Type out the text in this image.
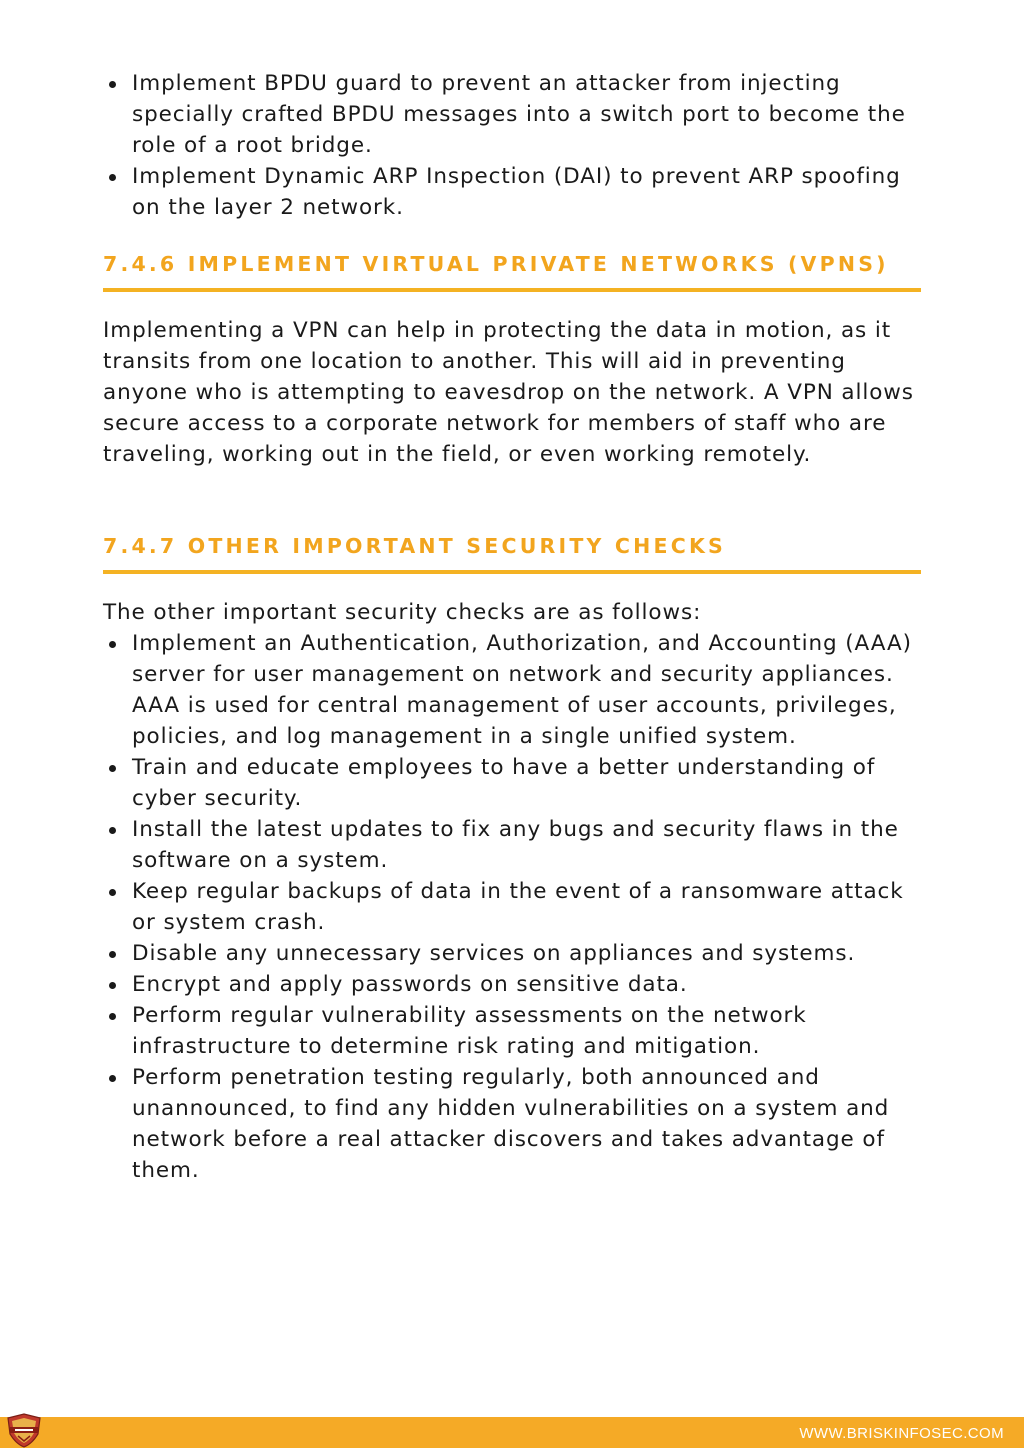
Implement BPDU guard to prevent an attacker from injecting specially crafted BPDU messages into a switch port to become the role of a root bridge.
Implement Dynamic ARP Inspection (DAI) to prevent ARP spoofing on the layer 2 network.
7.4.6 IMPLEMENT VIRTUAL PRIVATE NETWORKS (VPNS)

Implementing a VPN can help in protecting the data in motion, as it transits from one location to another. This will aid in preventing anyone who is attempting to eavesdrop on the network. A VPN allows secure access to a corporate network for members of staff who are traveling, working out in the field, or even working remotely.

7.4.7 OTHER IMPORTANT SECURITY CHECKS

The other important security checks are as follows:

Implement an Authentication, Authorization, and Accounting (AAA) server for user management on network and security appliances. AAA is used for central management of user accounts, privileges, policies, and log management in a single unified system.
Train and educate employees to have a better understanding of cyber security.
Install the latest updates to fix any bugs and security flaws in the software on a system.
Keep regular backups of data in the event of a ransomware attack or system crash.
Disable any unnecessary services on appliances and systems.
Encrypt and apply passwords on sensitive data.
Perform regular vulnerability assessments on the network infrastructure to determine risk rating and mitigation.
Perform penetration testing regularly, both announced and unannounced, to find any hidden vulnerabilities on a system and network before a real attacker discovers and takes advantage of them.
WWW.BRISKINFOSEC.COM
